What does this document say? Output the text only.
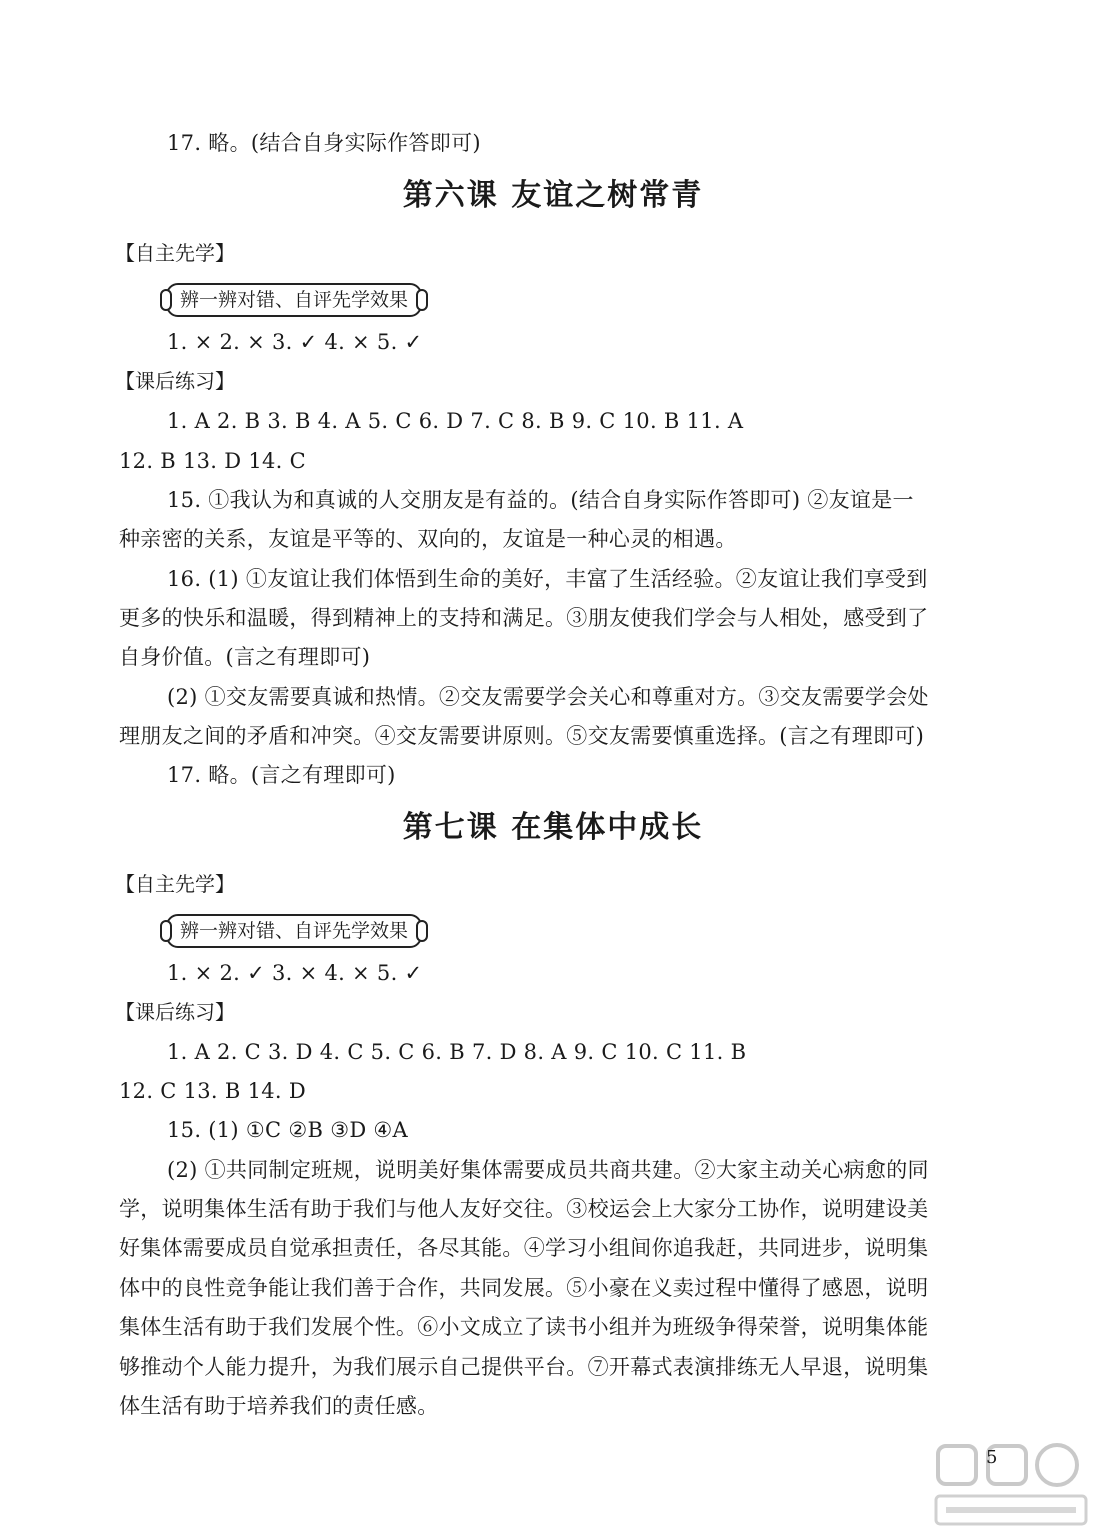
17. 略。(结合自身实际作答即可)
第六课 友谊之树常青
【自主先学】
辨一辨对错、自评先学效果
1. × 2. × 3. ✓ 4. × 5. ✓
【课后练习】
1. A 2. B 3. B 4. A 5. C 6. D 7. C 8. B 9. C 10. B 11. A
12. B 13. D 14. C
15. ①我认为和真诚的人交朋友是有益的。(结合自身实际作答即可) ②友谊是一
种亲密的关系，友谊是平等的、双向的，友谊是一种心灵的相遇。
16. (1) ①友谊让我们体悟到生命的美好，丰富了生活经验。②友谊让我们享受到
更多的快乐和温暖，得到精神上的支持和满足。③朋友使我们学会与人相处，感受到了
自身价值。(言之有理即可)
(2) ①交友需要真诚和热情。②交友需要学会关心和尊重对方。③交友需要学会处
理朋友之间的矛盾和冲突。④交友需要讲原则。⑤交友需要慎重选择。(言之有理即可)
17. 略。(言之有理即可)
第七课 在集体中成长
【自主先学】
辨一辨对错、自评先学效果
1. × 2. ✓ 3. × 4. × 5. ✓
【课后练习】
1. A 2. C 3. D 4. C 5. C 6. B 7. D 8. A 9. C 10. C 11. B
12. C 13. B 14. D
15. (1) ①C ②B ③D ④A
(2) ①共同制定班规，说明美好集体需要成员共商共建。②大家主动关心病愈的同
学，说明集体生活有助于我们与他人友好交往。③校运会上大家分工协作，说明建设美
好集体需要成员自觉承担责任，各尽其能。④学习小组间你追我赶，共同进步，说明集
体中的良性竞争能让我们善于合作，共同发展。⑤小豪在义卖过程中懂得了感恩，说明
集体生活有助于我们发展个性。⑥小文成立了读书小组并为班级争得荣誉，说明集体能
够推动个人能力提升，为我们展示自己提供平台。⑦开幕式表演排练无人早退，说明集
体生活有助于培养我们的责任感。
5
